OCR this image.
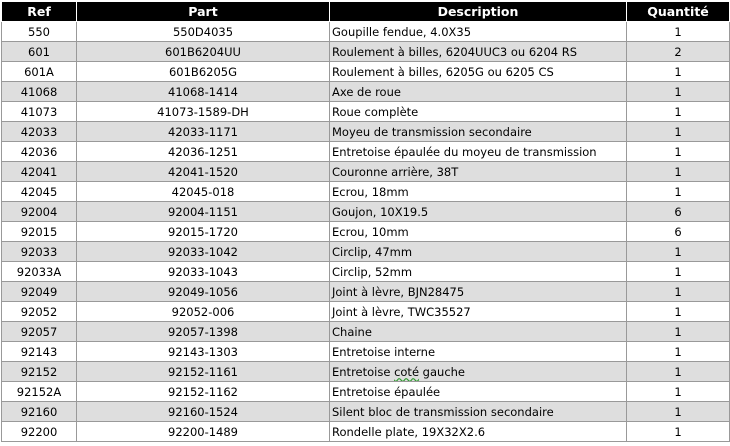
Ref	Part	Description	Quantité
550	550D4035	Goupille fendue, 4.0X35	1
601	601B6204UU	Roulement à billes, 6204UUC3 ou 6204 RS	2
601A	601B6205G	Roulement à billes, 6205G ou 6205 CS	1
41068	41068-1414	Axe de roue	1
41073	41073-1589-DH	Roue complète	1
42033	42033-1171	Moyeu de transmission secondaire	1
42036	42036-1251	Entretoise épaulée du moyeu de transmission	1
42041	42041-1520	Couronne arrière, 38T	1
42045	42045-018	Ecrou, 18mm	1
92004	92004-1151	Goujon, 10X19.5	6
92015	92015-1720	Ecrou, 10mm	6
92033	92033-1042	Circlip, 47mm	1
92033A	92033-1043	Circlip, 52mm	1
92049	92049-1056	Joint à lèvre, BJN28475	1
92052	92052-006	Joint à lèvre, TWC35527	1
92057	92057-1398	Chaine	1
92143	92143-1303	Entretoise interne	1
92152	92152-1161	Entretoise coté gauche	1
92152A	92152-1162	Entretoise épaulée	1
92160	92160-1524	Silent bloc de transmission secondaire	1
92200	92200-1489	Rondelle plate, 19X32X2.6	1
